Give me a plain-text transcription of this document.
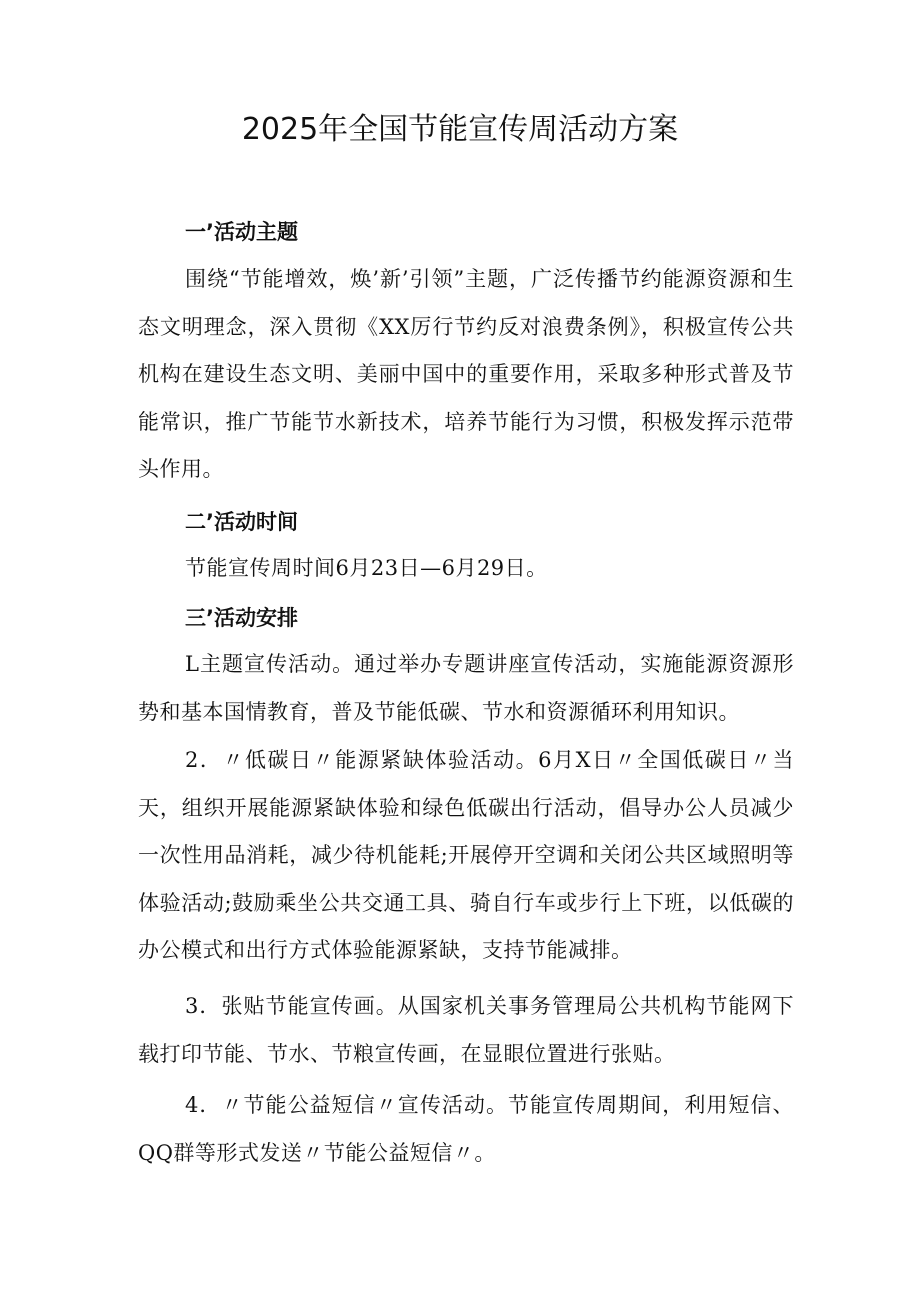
2025年全国节能宣传周活动方案
一’活动主题
围绕“节能增效，焕’新’引领”主题，广泛传播节约能源资源和生态文明理念，深入贯彻《XX厉行节约反对浪费条例》，积极宣传公共机构在建设生态文明、美丽中国中的重要作用，采取多种形式普及节能常识，推广节能节水新技术，培养节能行为习惯，积极发挥示范带头作用。
二’活动时间
节能宣传周时间6月23日—6月29日。
三’活动安排
L主题宣传活动。通过举办专题讲座宣传活动，实施能源资源形势和基本国情教育，普及节能低碳、节水和资源循环利用知识。
2．〃低碳日〃能源紧缺体验活动。6月X日〃全国低碳日〃当天，组织开展能源紧缺体验和绿色低碳出行活动，倡导办公人员减少一次性用品消耗，减少待机能耗;开展停开空调和关闭公共区域照明等体验活动;鼓励乘坐公共交通工具、骑自行车或步行上下班，以低碳的办公模式和出行方式体验能源紧缺，支持节能减排。
3．张贴节能宣传画。从国家机关事务管理局公共机构节能网下载打印节能、节水、节粮宣传画，在显眼位置进行张贴。
4．〃节能公益短信〃宣传活动。节能宣传周期间，利用短信、QQ群等形式发送〃节能公益短信〃。
